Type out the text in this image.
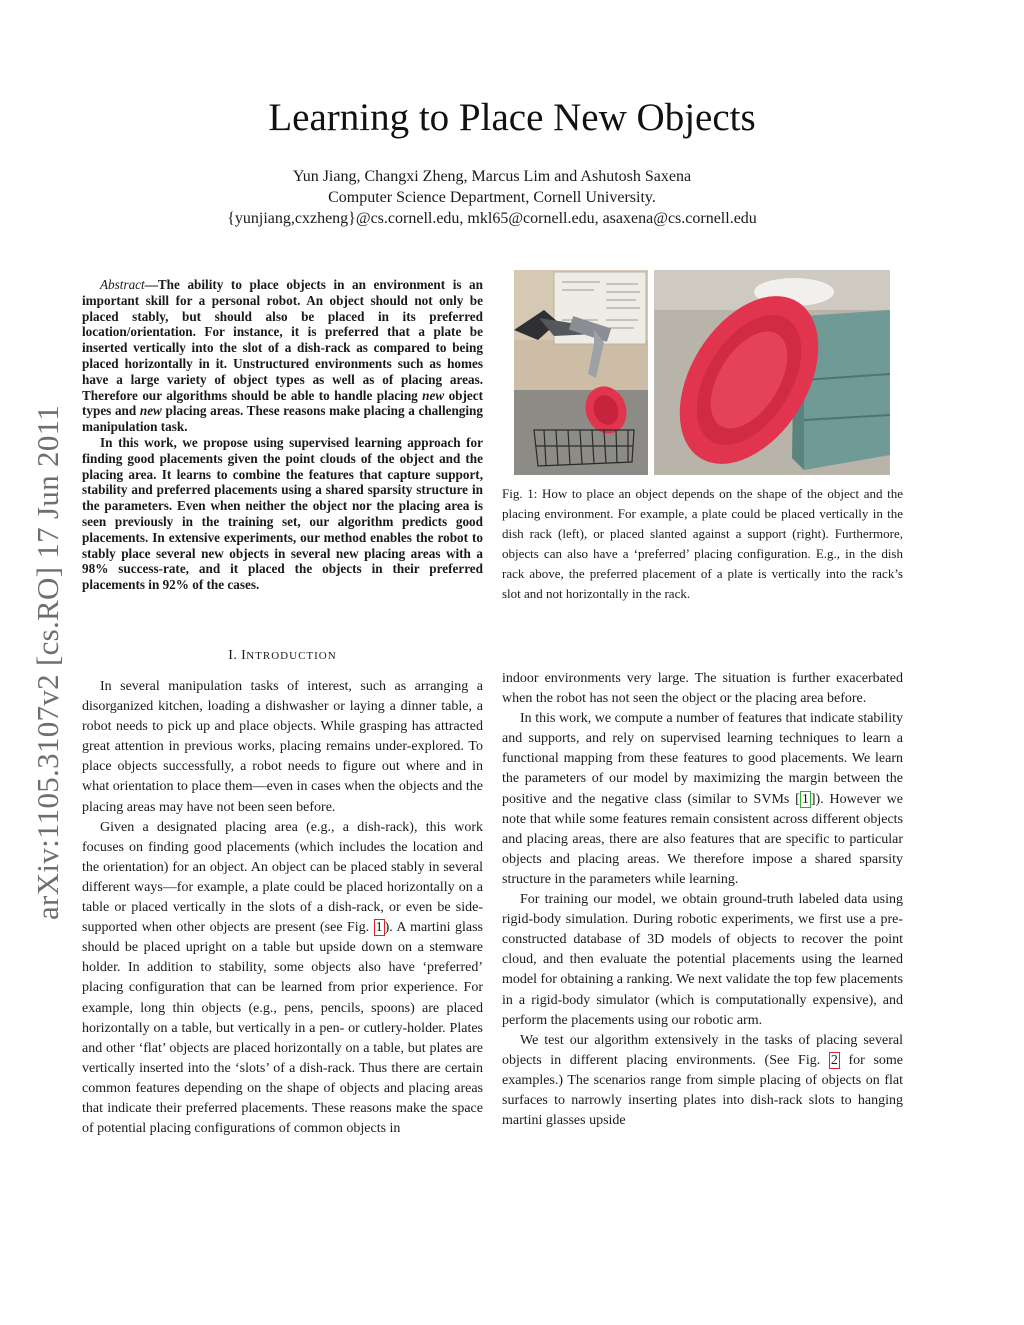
arXiv:1105.3107v2 [cs.RO] 17 Jun 2011
Learning to Place New Objects
Yun Jiang, Changxi Zheng, Marcus Lim and Ashutosh Saxena
Computer Science Department, Cornell University.
{yunjiang,cxzheng}@cs.cornell.edu, mkl65@cornell.edu, asaxena@cs.cornell.edu

Abstract—The ability to place objects in an environment is an important skill for a personal robot. An object should not only be placed stably, but should also be placed in its preferred location/orientation. For instance, it is preferred that a plate be inserted vertically into the slot of a dish-rack as compared to being placed horizontally in it. Unstructured environments such as homes have a large variety of object types as well as of placing areas. Therefore our algorithms should be able to handle placing new object types and new placing areas. These reasons make placing a challenging manipulation task.

In this work, we propose using supervised learning approach for finding good placements given the point clouds of the object and the placing area. It learns to combine the features that capture support, stability and preferred placements using a shared sparsity structure in the parameters. Even when neither the object nor the placing area is seen previously in the training set, our algorithm predicts good placements. In extensive experiments, our method enables the robot to stably place several new objects in several new placing areas with a 98% success-rate, and it placed the objects in their preferred placements in 92% of the cases.

I. INTRODUCTION

In several manipulation tasks of interest, such as arranging a disorganized kitchen, loading a dishwasher or laying a dinner table, a robot needs to pick up and place objects. While grasping has attracted great attention in previous works, placing remains under-explored. To place objects successfully, a robot needs to figure out where and in what orientation to place them—even in cases when the objects and the placing areas may have not been seen before.

Given a designated placing area (e.g., a dish-rack), this work focuses on finding good placements (which includes the location and the orientation) for an object. An object can be placed stably in several different ways—for example, a plate could be placed horizontally on a table or placed vertically in the slots of a dish-rack, or even be side-supported when other objects are present (see Fig. 1 ). A martini glass should be placed upright on a table but upside down on a stemware holder. In addition to stability, some objects also have ‘preferred’ placing configuration that can be learned from prior experience. For example, long thin objects (e.g., pens, pencils, spoons) are placed horizontally on a table, but vertically in a pen- or cutlery-holder. Plates and other ‘flat’ objects are placed horizontally on a table, but plates are vertically inserted into the ‘slots’ of a dish-rack. Thus there are certain common features depending on the shape of objects and placing areas that indicate their preferred placements. These reasons make the space of potential placing configurations of common objects in

Fig. 1: How to place an object depends on the shape of the object and the placing environment. For example, a plate could be placed vertically in the dish rack (left), or placed slanted against a support (right). Furthermore, objects can also have a ‘preferred’ placing configuration. E.g., in the dish rack above, the preferred placement of a plate is vertically into the rack’s slot and not horizontally in the rack.

indoor environments very large. The situation is further exacerbated when the robot has not seen the object or the placing area before.

In this work, we compute a number of features that indicate stability and supports, and rely on supervised learning techniques to learn a functional mapping from these features to good placements. We learn the parameters of our model by maximizing the margin between the positive and the negative class (similar to SVMs [ 1 ]). However we note that while some features remain consistent across different objects and placing areas, there are also features that are specific to particular objects and placing areas. We therefore impose a shared sparsity structure in the parameters while learning.

For training our model, we obtain ground-truth labeled data using rigid-body simulation. During robotic experiments, we first use a pre-constructed database of 3D models of objects to recover the point cloud, and then evaluate the potential placements using the learned model for obtaining a ranking. We next validate the top few placements in a rigid-body simulator (which is computationally expensive), and perform the placements using our robotic arm.

We test our algorithm extensively in the tasks of placing several objects in different placing environments. (See Fig. 2 for some examples.) The scenarios range from simple placing of objects on flat surfaces to narrowly inserting plates into dish-rack slots to hanging martini glasses upside
